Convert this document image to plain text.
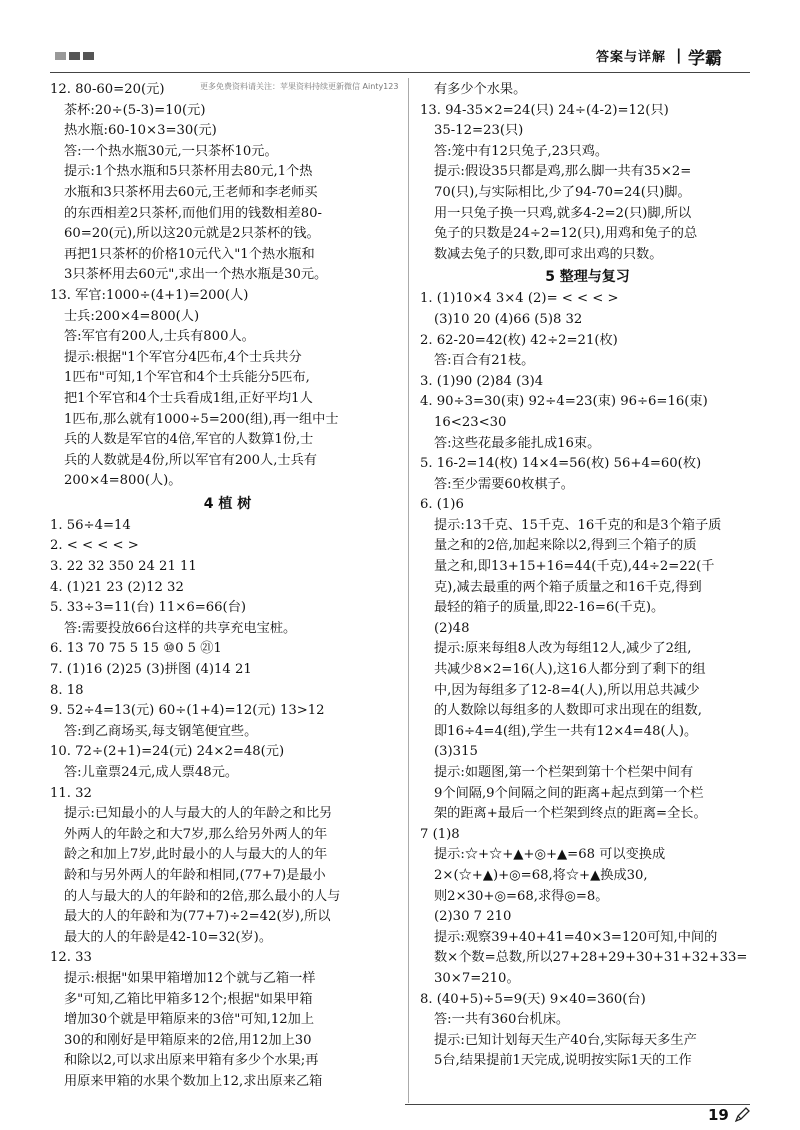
答案与详解 | 学霸
更多免费资料请关注：苹果资料持续更新微信 Ainty123
12. 80-60=20(元)
茶杯:20÷(5-3)=10(元)
热水瓶:60-10×3=30(元)
答:一个热水瓶30元,一只茶杯10元。
提示:1个热水瓶和5只茶杯用去80元,1个热
水瓶和3只茶杯用去60元,王老师和李老师买
的东西相差2只茶杯,而他们用的钱数相差80-
60=20(元),所以这20元就是2只茶杯的钱。
再把1只茶杯的价格10元代入"1个热水瓶和
3只茶杯用去60元",求出一个热水瓶是30元。
13. 军官:1000÷(4+1)=200(人)
士兵:200×4=800(人)
答:军官有200人,士兵有800人。
提示:根据"1个军官分4匹布,4个士兵共分
1匹布"可知,1个军官和4个士兵能分5匹布,
把1个军官和4个士兵看成1组,正好平均1人
1匹布,那么就有1000÷5=200(组),再一组中士
兵的人数是军官的4倍,军官的人数算1份,士
兵的人数就是4份,所以军官有200人,士兵有
200×4=800(人)。
4 植 树
1. 56÷4=14
2. < < < < >
3. 22 32 350 24 21 11
4. (1)21 23 (2)12 32
5. 33÷3=11(台) 11×6=66(台)
答:需要投放66台这样的共享充电宝桩。
6. 13 70 75 5 15 ⑩0 5 ㉑1
7. (1)16 (2)25 (3)拼图 (4)14 21
8. 18
9. 52÷4=13(元) 60÷(1+4)=12(元) 13>12
答:到乙商场买,每支钢笔便宜些。
10. 72÷(2+1)=24(元) 24×2=48(元)
答:儿童票24元,成人票48元。
11. 32
提示:已知最小的人与最大的人的年龄之和比另
外两人的年龄之和大7岁,那么给另外两人的年
龄之和加上7岁,此时最小的人与最大的人的年
龄和与另外两人的年龄和相同,(77+7)是最小
的人与最大的人的年龄和的2倍,那么最小的人与
最大的人的年龄和为(77+7)÷2=42(岁),所以
最大的人的年龄是42-10=32(岁)。
12. 33
提示:根据"如果甲箱增加12个就与乙箱一样
多"可知,乙箱比甲箱多12个;根据"如果甲箱
增加30个就是甲箱原来的3倍"可知,12加上
30的和刚好是甲箱原来的2倍,用12加上30
和除以2,可以求出原来甲箱有多少个水果;再
用原来甲箱的水果个数加上12,求出原来乙箱
有多少个水果。
13. 94-35×2=24(只) 24÷(4-2)=12(只)
35-12=23(只)
答:笼中有12只兔子,23只鸡。
提示:假设35只都是鸡,那么脚一共有35×2=
70(只),与实际相比,少了94-70=24(只)脚。
用一只兔子换一只鸡,就多4-2=2(只)脚,所以
兔子的只数是24÷2=12(只),用鸡和兔子的总
数减去兔子的只数,即可求出鸡的只数。
5 整理与复习
1. (1)10×4 3×4 (2)= < < < >
(3)10 20 (4)66 (5)8 32
2. 62-20=42(枚) 42÷2=21(枚)
答:百合有21枝。
3. (1)90 (2)84 (3)4
4. 90÷3=30(束) 92÷4=23(束) 96÷6=16(束)
16<23<30
答:这些花最多能扎成16束。
5. 16-2=14(枚) 14×4=56(枚) 56+4=60(枚)
答:至少需要60枚棋子。
6. (1)6
提示:13千克、15千克、16千克的和是3个箱子质
量之和的2倍,加起来除以2,得到三个箱子的质
量之和,即13+15+16=44(千克),44÷2=22(千
克),减去最重的两个箱子质量之和16千克,得到
最轻的箱子的质量,即22-16=6(千克)。
(2)48
提示:原来每组8人改为每组12人,减少了2组,
共减少8×2=16(人),这16人都分到了剩下的组
中,因为每组多了12-8=4(人),所以用总共减少
的人数除以每组多的人数即可求出现在的组数,
即16÷4=4(组),学生一共有12×4=48(人)。
(3)315
提示:如题图,第一个栏架到第十个栏架中间有
9个间隔,9个间隔之间的距离+起点到第一个栏
架的距离+最后一个栏架到终点的距离=全长。
7 (1)8
提示:☆+☆+▲+◎+▲=68 可以变换成
2×(☆+▲)+◎=68,将☆+▲换成30,
则2×30+◎=68,求得◎=8。
(2)30 7 210
提示:观察39+40+41=40×3=120可知,中间的
数×个数=总数,所以27+28+29+30+31+32+33=
30×7=210。
8. (40+5)÷5=9(天) 9×40=360(台)
答:一共有360台机床。
提示:已知计划每天生产40台,实际每天多生产
5台,结果提前1天完成,说明按实际1天的工作
19
